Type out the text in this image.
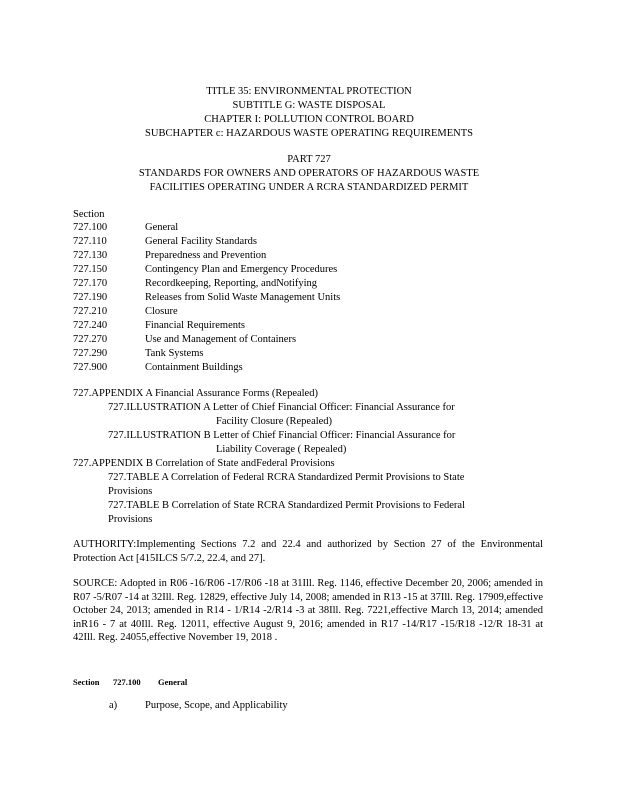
TITLE 35: ENVIRONMENTAL PROTECTION
SUBTITLE G: WASTE DISPOSAL
CHAPTER I: POLLUTION CONTROL BOARD
SUBCHAPTER c: HAZARDOUS WASTE OPERATING REQUIREMENTS
PART 727
STANDARDS FOR OWNERS AND OPERATORS OF HAZARDOUS WASTE
FACILITIES OPERATING UNDER A RCRA STANDARDIZED PERMIT
Section
727.100	General
727.110	General Facility Standards
727.130	Preparedness and Prevention
727.150	Contingency Plan and Emergency Procedures
727.170	Recordkeeping, Reporting, andNotifying
727.190	Releases from Solid Waste Management Units
727.210	Closure
727.240	Financial Requirements
727.270	Use and Management of Containers
727.290	Tank Systems
727.900	Containment Buildings
727.APPENDIX A Financial Assurance Forms (Repealed)
727.ILLUSTRATION A Letter of Chief Financial Officer: Financial Assurance for
Facility Closure (Repealed)
727.ILLUSTRATION B Letter of Chief Financial Officer: Financial Assurance for
Liability Coverage ( Repealed)
727.APPENDIX B Correlation of State andFederal Provisions
727.TABLE A Correlation of Federal RCRA Standardized Permit Provisions to State
Provisions
727.TABLE B Correlation of State RCRA Standardized Permit Provisions to Federal
Provisions
AUTHORITY:Implementing Sections 7.2 and 22.4 and authorized by Section 27 of the Environmental Protection Act [415ILCS 5/7.2, 22.4, and 27].
SOURCE: Adopted in R06 -16/R06 -17/R06 -18 at 31Ill. Reg. 1146, effective December 20, 2006; amended in R07 -5/R07 -14 at 32Ill. Reg. 12829, effective July 14, 2008; amended in R13 -15 at 37Ill. Reg. 17909,effective October 24, 2013; amended in R14 - 1/R14 -2/R14 -3 at 38Ill. Reg. 7221,effective March 13, 2014; amended inR16 - 7 at 40Ill. Reg. 12011, effective August 9, 2016; amended in R17 -14/R17 -15/R18 -12/R 18-31 at 42Ill. Reg. 24055,effective November 19, 2018 .
Section 727.100 General
a)	Purpose, Scope, and Applicability
